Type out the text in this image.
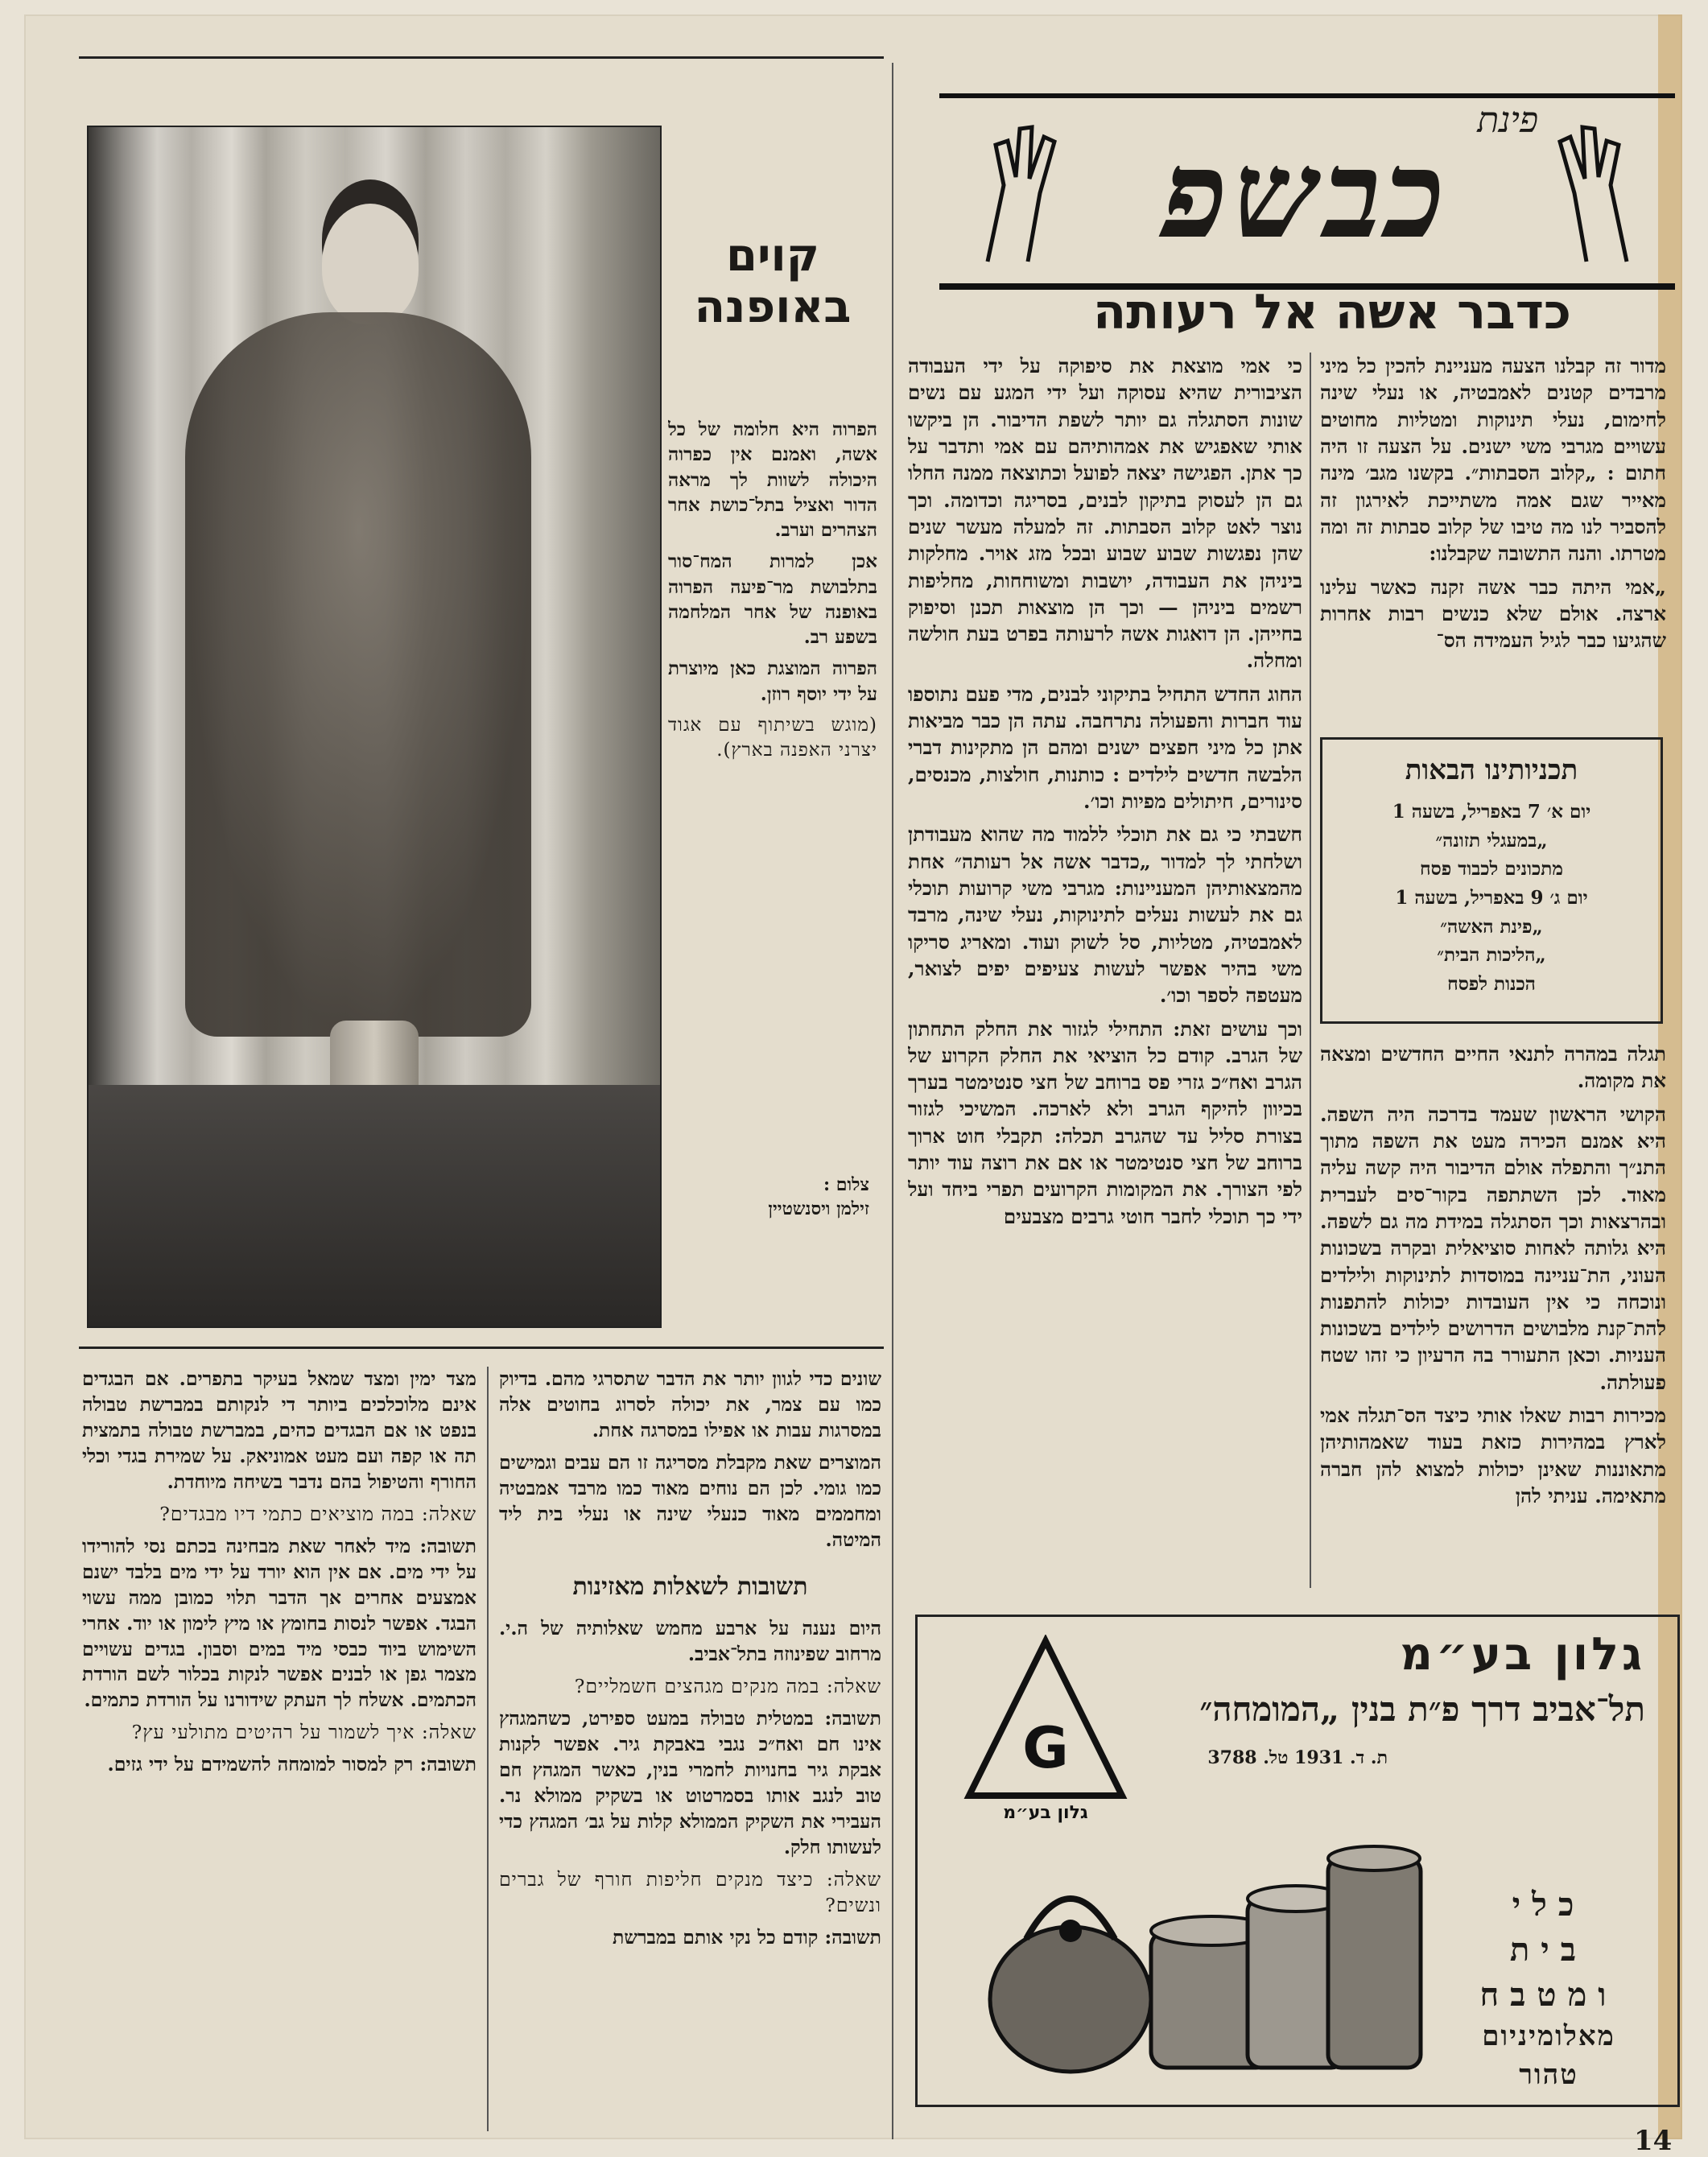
קוים
באופנה

הפרוה היא חלומה של כל אשה, ואמנם אין כפרוה היכולה לשוות לך מראה הדור ואציל בתל־כושת אחר הצהרים וערב.

אכן למרות המח־סור בתלבושת מר־פיעה הפרוה באופנה של אחר המלחמה בשפע רב.

הפרוה המוצגת כאן מיוצרת על ידי יוסף רוזן.

(מוגש בשיתוף עם אגוד יצרני האפנה בארץ).

צלום :
זילמן ויסנשטיין
פינת
כבשפ
כדבר אשה אל רעותה

מדור זה קבלנו הצעה מעניינת להכין כל מיני מרבדים קטנים לאמבטיה, או נעלי שינה לחימום, נעלי תינוקות ומטליות מחוטים עשויים מגרבי משי ישנים. על הצעה זו היה חתום : „קלוב הסבתות״. בקשנו מגב׳ מינה מאייר שגם אמה משתייכת לאירגון זה להסביר לנו מה טיבו של קלוב סבתות זה ומה מטרתו. והנה התשובה שקבלנו:

„אמי היתה כבר אשה זקנה כאשר עלינו ארצה. אולם שלא כנשים רבות אחרות שהגיעו כבר לגיל העמידה הס־

תכניותינו הבאות
יום א׳ 7 באפריל, בשעה 1
„במעגלי תזונה״
מתכונים לכבוד פסח
יום ג׳ 9 באפריל, בשעה 1
„פינת האשה״
„הליכות הבית״
הכנות לפסח

תגלה במהרה לתנאי החיים החדשים ומצאה את מקומה.

הקושי הראשון שעמד בדרכה היה השפה. היא אמנם הכירה מעט את השפה מתוך התנ״ך והתפלה אולם הדיבור היה קשה עליה מאוד. לכן השתתפה בקור־סים לעברית ובהרצאות וכך הסתגלה במידת מה גם לשפה. היא גלותה לאחות סוציאלית ובקרה בשכונות העוני, הת־עניינה במוסדות לתינוקות ולילדים ונוכחה כי אין העובדות יכולות להתפנות להת־קנת מלבושים הדרושים לילדים בשכונות העניות. וכאן התעורר בה הרעיון כי זהו שטח פעולתה.

מכירות רבות שאלו אותי כיצד הס־תגלה אמי לארץ במהירות כזאת בעוד שאמהותיהן מתאוננות שאינן יכולות למצוא להן חברה מתאימה. עניתי להן

כי אמי מוצאת את סיפוקה על ידי העבודה הציבורית שהיא עסוקה ועל ידי המגע עם נשים שונות הסתגלה גם יותר לשפת הדיבור. הן ביקשו אותי שאפגיש את אמהותיהם עם אמי ותדבר על כך אתן. הפגישה יצאה לפועל וכתוצאה ממנה החלו גם הן לעסוק בתיקון לבנים, בסריגה וכדומה. וכך נוצר לאט קלוב הסבתות. זה למעלה מעשר שנים שהן נפגשות שבוע שבוע ובכל מזג אויר. מחלקות ביניהן את העבודה, יושבות ומשוחחות, מחליפות רשמים ביניהן — וכך הן מוצאות תכנן וסיפוק בחייהן. הן דואגות אשה לרעותה בפרט בעת חולשה ומחלה.

החוג החדש התחיל בתיקוני לבנים, מדי פעם נתוספו עוד חברות והפעולה נתרחבה. עתה הן כבר מביאות אתן כל מיני חפצים ישנים ומהם הן מתקינות דברי הלבשה חדשים לילדים : כותנות, חולצות, מכנסים, סינורים, חיתולים מפיות וכו׳.

חשבתי כי גם את תוכלי ללמוד מה שהוא מעבודתן ושלחתי לך למדור „כדבר אשה אל רעותה״ אחת מהמצאותיהן המעניינות: מגרבי משי קרועות תוכלי גם את לעשות נעלים לתינוקות, נעלי שינה, מרבד לאמבטיה, מטליות, סל לשוק ועוד. ומאריג סריקו משי בהיר אפשר לעשות צעיפים יפים לצואר, מעטפה לספר וכו׳.

וכך עושים זאת: התחילי לגזור את החלק התחתון של הגרב. קודם כל הוציאי את החלק הקרוע של הגרב ואח״כ גזרי פס ברוחב של חצי סנטימטר בערך בכיוון להיקף הגרב ולא לארכה. המשיכי לגזור בצורת סליל עד שהגרב תכלה: תקבלי חוט ארוך ברוחב של חצי סנטימטר או אם את רוצה עוד יותר לפי הצורך. את המקומות הקרועים תפרי ביחד ועל ידי כך תוכלי לחבר חוטי גרבים מצבעים

שונים כדי לגוון יותר את הדבר שתסרגי מהם. בדיוק כמו עם צמר, את יכולה לסרוג בחוטים אלה במסרגות עבות או אפילו במסרגה אחת.

המוצרים שאת מקבלת מסריגה זו הם עבים וגמישים כמו גומי. לכן הם נוחים מאוד כמו מרבד אמבטיה ומחממים מאוד כנעלי שינה או נעלי בית ליד המיטה.

תשובות לשאלות מאזינות

היום נענה על ארבע מחמש שאלותיה של ה.י. מרחוב שפינוזה בתל־אביב.

שאלה: במה מנקים מגהצים חשמליים?

תשובה: במטלית טבולה במעט ספירט, כשהמגהץ אינו חם ואח״כ נגבי באבקת גיר. אפשר לקנות אבקת גיר בחנויות לחמרי בנין, כאשר המגהץ חם טוב לנגב אותו בסמרטוט או בשקיק ממולא נר. העבירי את השקיק הממולא קלות על גב׳ המגהץ כדי לעשותו חלק.

שאלה: כיצד מנקים חליפות חורף של גברים ונשים?

תשובה: קודם כל נקי אותם במברשת

מצד ימין ומצד שמאל בעיקר בתפרים. אם הבגדים אינם מלוכלכים ביותר די לנקותם במברשת טבולה בנפט או אם הבגדים כהים, במברשת טבולה בתמצית תה או קפה ועם מעט אמוניאק. על שמירת בגדי וכלי החורף והטיפול בהם נדבר בשיחה מיוחדת.

שאלה: במה מוציאים כתמי דיו מבגדים?

תשובה: מיד לאחר שאת מבחינה בכתם נסי להורידו על ידי מים. אם אין הוא יורד על ידי מים בלבד ישנם אמצעים אחרים אך הדבר תלוי כמובן ממה עשוי הבגד. אפשר לנסות בחומץ או מיץ לימון או יוד. אחרי השימוש ביוד כבסי מיד במים וסבון. בגדים עשויים מצמר גפן או לבנים אפשר לנקות בכלור לשם הורדת הכתמים. אשלח לך העתק שידורנו על הורדת כתמים.

שאלה: איך לשמור על רהיטים מתולעי עץ?

תשובה: רק למסור למומחה להשמידם על ידי גזים.

גלון בע״מ
תל־אביב דרך פ״ת בנין „המומחה״
ת. ד. 1931 טל. 3788
G
גלון בע״מ
כלי
בית
ומטבח
מאלומיניום טהור
14
